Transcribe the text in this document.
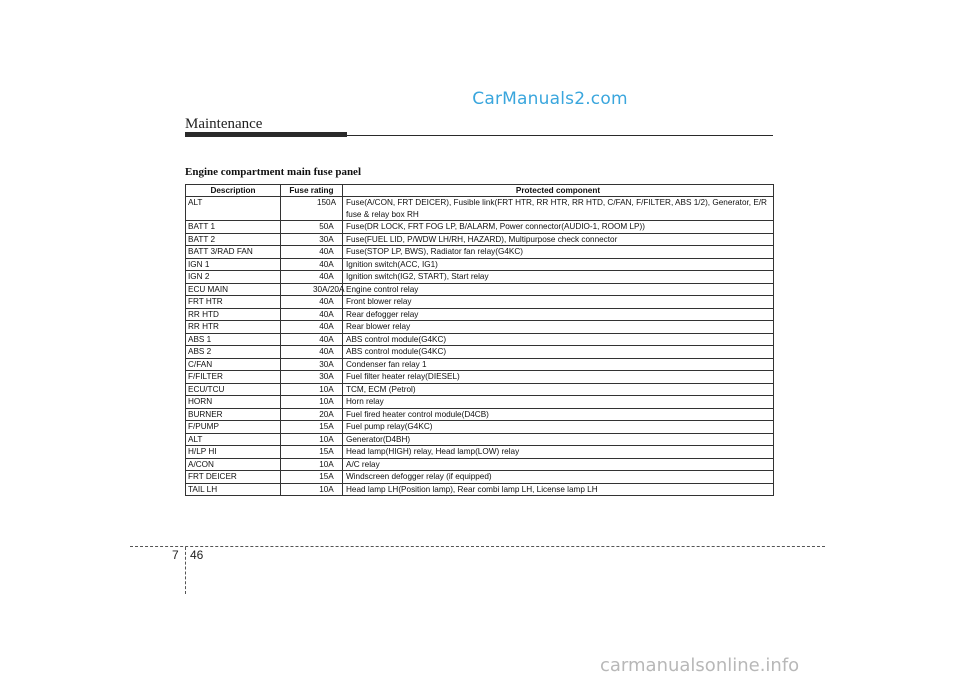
CarManuals2.com
Maintenance
Engine compartment main fuse panel
Description	Fuse rating	Protected component
ALT	150A	Fuse(A/CON, FRT DEICER), Fusible link(FRT HTR, RR HTR, RR HTD, C/FAN, F/FILTER, ABS 1/2), Generator, E/R fuse & relay box RH
BATT 1	50A	Fuse(DR LOCK, FRT FOG LP, B/ALARM, Power connector(AUDIO-1, ROOM LP))
BATT 2	30A	Fuse(FUEL LID, P/WDW LH/RH, HAZARD), Multipurpose check connector
BATT 3/RAD FAN	40A	Fuse(STOP LP, BWS), Radiator fan relay(G4KC)
IGN 1	40A	Ignition switch(ACC, IG1)
IGN 2	40A	Ignition switch(IG2, START), Start relay
ECU MAIN	30A/20A	Engine control relay
FRT HTR	40A	Front blower relay
RR HTD	40A	Rear defogger relay
RR HTR	40A	Rear blower relay
ABS 1	40A	ABS control module(G4KC)
ABS 2	40A	ABS control module(G4KC)
C/FAN	30A	Condenser fan relay 1
F/FILTER	30A	Fuel filter heater relay(DIESEL)
ECU/TCU	10A	TCM, ECM (Petrol)
HORN	10A	Horn relay
BURNER	20A	Fuel fired heater control module(D4CB)
F/PUMP	15A	Fuel pump relay(G4KC)
ALT	10A	Generator(D4BH)
H/LP HI	15A	Head lamp(HIGH) relay, Head lamp(LOW) relay
A/CON	10A	A/C relay
FRT DEICER	15A	Windscreen defogger relay (if equipped)
TAIL LH	10A	Head lamp LH(Position lamp), Rear combi lamp LH, License lamp LH
7 46
carmanualsonline.info
